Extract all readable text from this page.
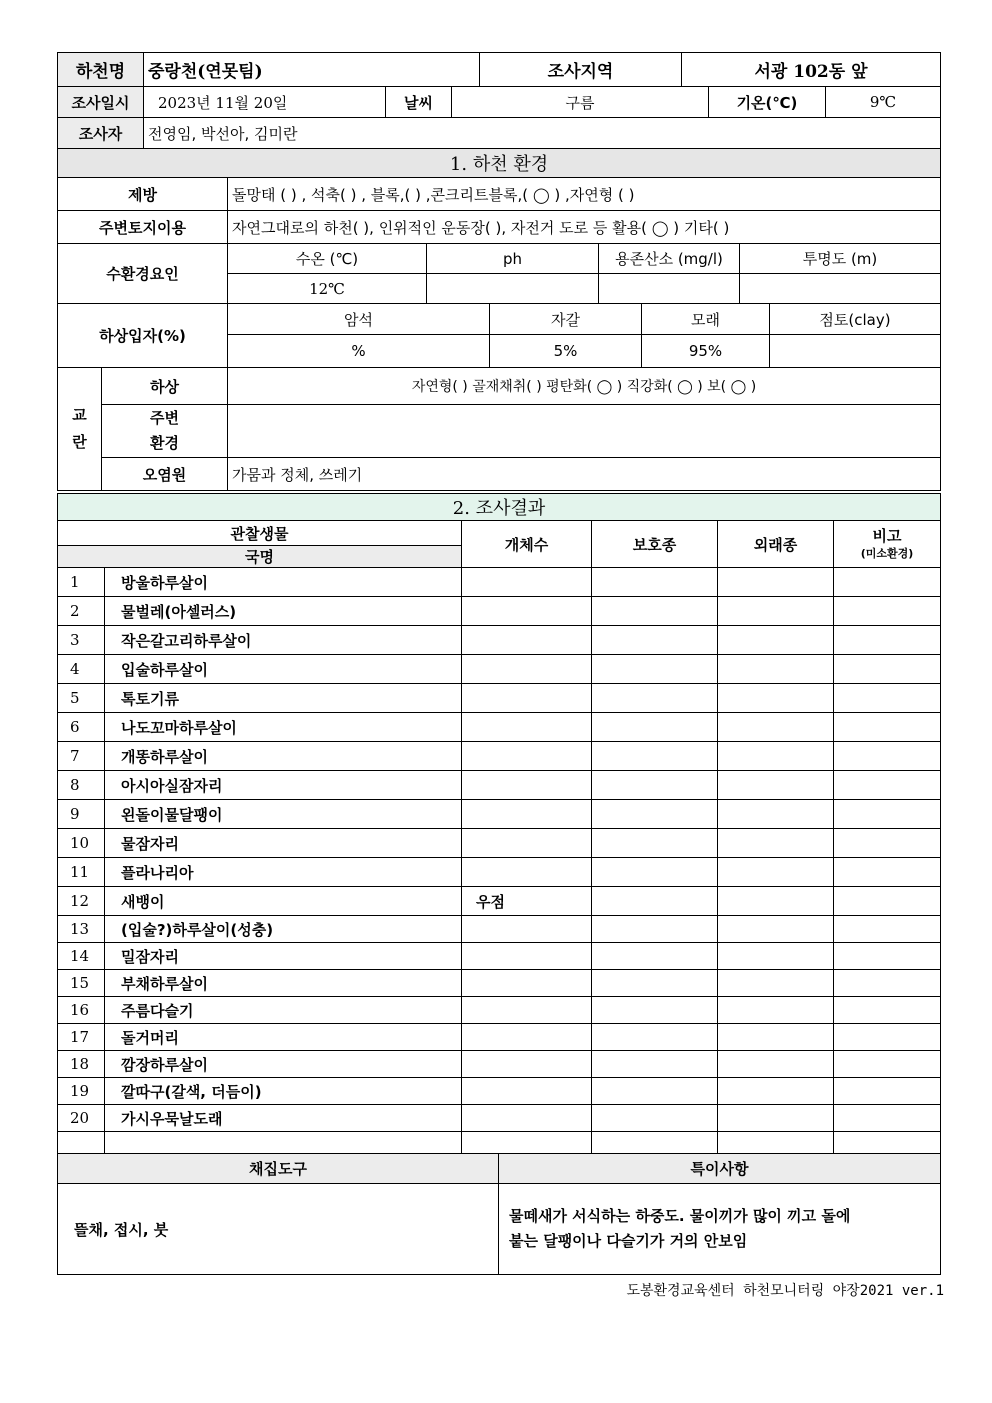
하천명	중랑천(연못팀)	조사지역	서광 102동 앞
조사일시	2023년 11월 20일	날씨	구름	기온(℃)	9℃
조사자	전영임, 박선아, 김미란
1. 하천 환경								
제방		돌망태 ( ) , 석축( ) , 블록,( ) ,콘크리트블록,( ◯ ) ,자연형 ( )						
주변토지이용		자연그대로의 하천( ), 인위적인 운동장( ), 자전거 도로 등 활용( ◯ ) 기타( )						
수환경요인		수온 (℃)	ph		용존산소 (mg/l)		투명도 (m)	
		12℃						
하상입자(%)		암석		자갈		모래		점토(clay)
		%		5%		95%		
교란	하상	자연형( ) 골재채취( ) 평탄화( ◯ ) 직강화( ◯ ) 보( ◯ )						

	주변
환경							

	오염원	가뭄과 정체, 쓰레기						
2. 조사결과					
관찰생물		개체수	보호종	외래종	비고
(미소환경)

국명					
1	방울하루살이				
2	물벌레(아셀러스)				
3	작은갈고리하루살이				
4	입술하루살이				
5	톡토기류				
6	나도꼬마하루살이				
7	개똥하루살이				
8	아시아실잠자리				
9	왼돌이물달팽이				
10	물잠자리				
11	플라나리아				
12	새뱅이	우점			
13	(입술?)하루살이(성충)				
14	밀잠자리				
15	부채하루살이				
16	주름다슬기				
17	돌거머리				
18	깜장하루살이				
19	깔따구(갈색, 더듬이)				
20	가시우묵날도래				

채집도구	특이사항
뜰채, 접시, 붓	물떼새가 서식하는 하중도. 물이끼가 많이 끼고 돌에
붙는 달팽이나 다슬기가 거의 안보임
도봉환경교육센터 하천모니터링 야장2021 ver.1
